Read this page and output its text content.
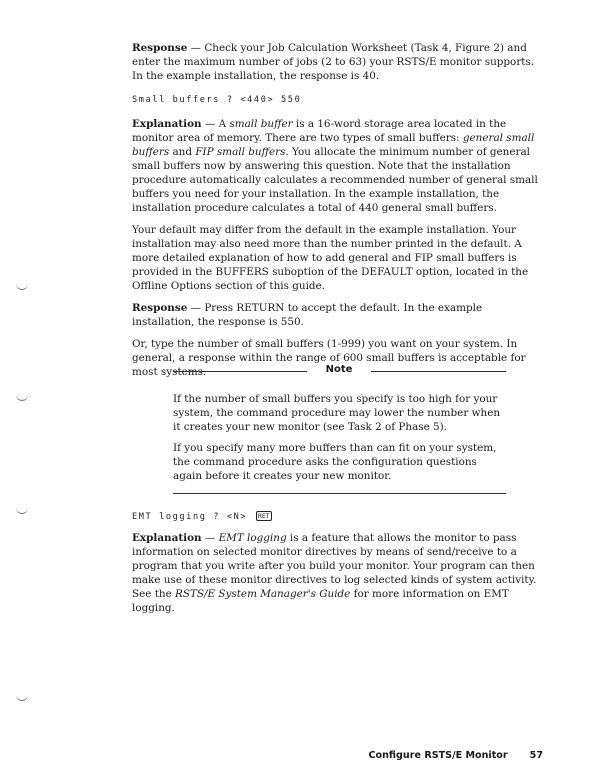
Response — Check your Job Calculation Worksheet (Task 4, Figure 2) and enter the maximum number of jobs (2 to 63) your RSTS/E monitor supports. In the example installation, the response is 40.

Small buffers ? <440> 550

Explanation — A small buffer is a 16-word storage area located in the monitor area of memory. There are two types of small buffers: general small buffers and FIP small buffers. You allocate the minimum number of general small buffers now by answering this question. Note that the installation procedure automatically calculates a recommended number of general small buffers you need for your installation. In the example installation, the installation procedure calculates a total of 440 general small buffers.

Your default may differ from the default in the example installation. Your installation may also need more than the number printed in the default. A more detailed explanation of how to add general and FIP small buffers is provided in the BUFFERS suboption of the DEFAULT option, located in the Offline Options section of this guide.

Response — Press RETURN to accept the default. In the example installation, the response is 550.

Or, type the number of small buffers (1-999) you want on your system. In general, a response within the range of 600 small buffers is acceptable for most systems.	Note

If the number of small buffers you specify is too high for your system, the command procedure may lower the number when it creates your new monitor (see Task 2 of Phase 5).

If you specify many more buffers than can fit on your system, the command procedure asks the configuration questions again before it creates your new monitor.

EMT logging ? <N> RET

Explanation — EMT logging is a feature that allows the monitor to pass information on selected monitor directives by means of send/receive to a program that you write after you build your monitor. Your program can then make use of these monitor directives to log selected kinds of system activity. See the RSTS/E System Manager's Guide for more information on EMT logging.

Configure RSTS/E Monitor 57
